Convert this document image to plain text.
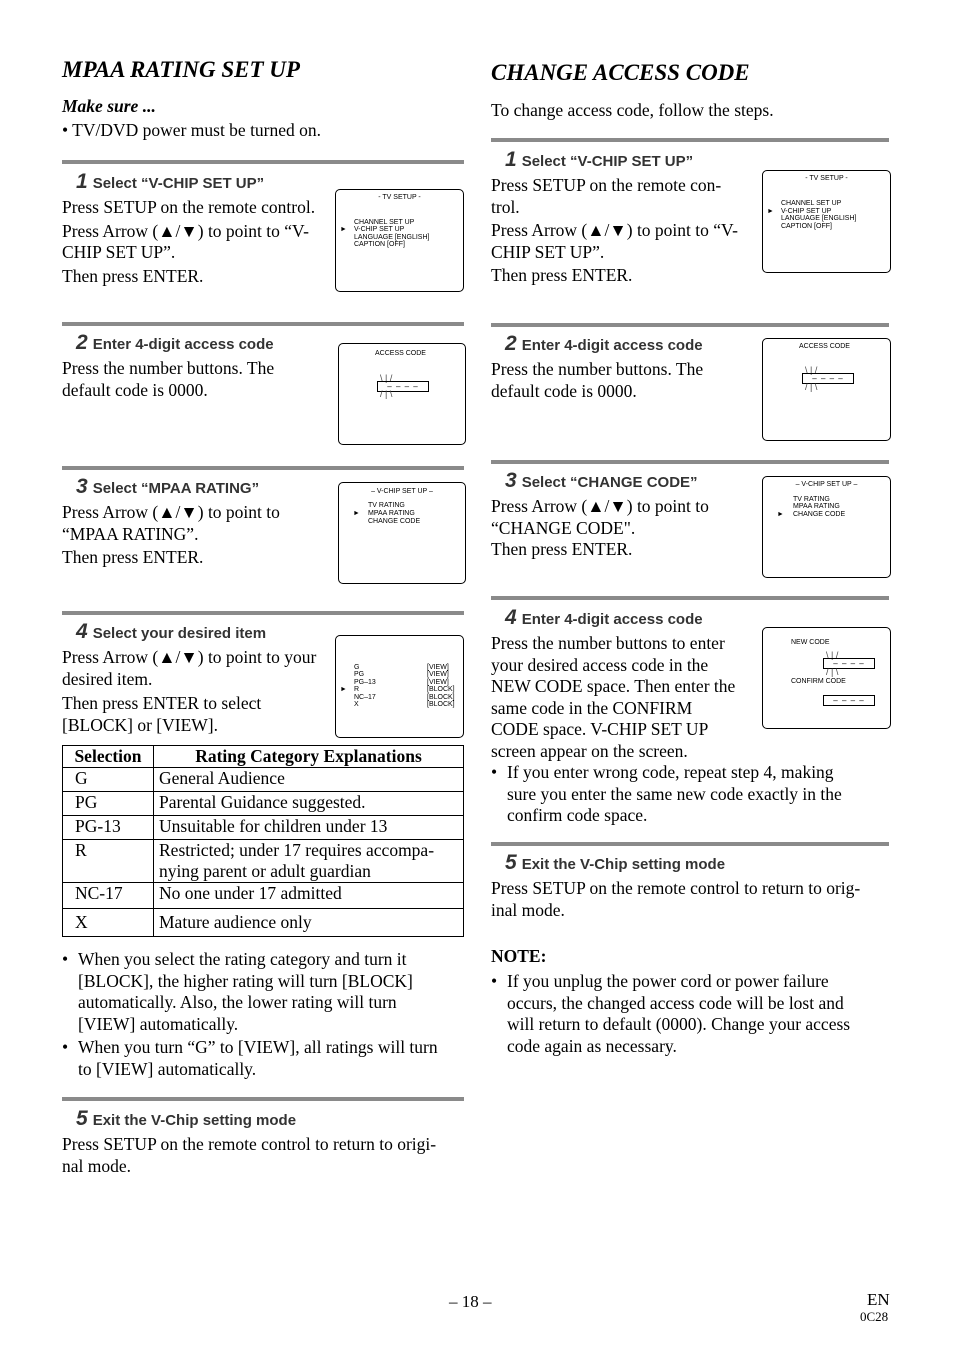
MPAA RATING SET UP
Make sure ...
• TV/DVD power must be turned on.
1 Select “V-CHIP SET UP”
Press SETUP on the remote control.
Press Arrow (▲/▼) to point to “V-
CHIP SET UP”.
Then press ENTER.
- TV SETUP -
►
CHANNEL SET UP
V-CHIP SET UP
LANGUAGE [ENGLISH]
CAPTION [OFF]
2 Enter 4-digit access code
Press the number buttons. The
default code is 0000.
ACCESS CODE
\ | /
– – – –
/ | \
3 Select “MPAA RATING”
Press Arrow (▲/▼) to point to
“MPAA RATING”.
Then press ENTER.
– V-CHIP SET UP –
TV RATING
► MPAA RATING
CHANGE CODE
4 Select your desired item
Press Arrow (▲/▼) to point to your
desired item.
Then press ENTER to select
[BLOCK] or [VIEW].
G
PG
PG–13
► R
NC–17
X
[VIEW]
[VIEW]
[VIEW]
[BLOCK]
[BLOCK]
[BLOCK]
Selection	Rating Category Explanations
G	General Audience
PG	Parental Guidance suggested.
PG-13	Unsuitable for children under 13
R	Restricted; under 17 requires accompa-
nying parent or adult guardian

NC-17	No one under 17 admitted
X	Mature audience only
• When you select the rating category and turn it
[BLOCK], the higher rating will turn [BLOCK]
automatically. Also, the lower rating will turn
[VIEW] automatically.
• When you turn “G” to [VIEW], all ratings will turn
to [VIEW] automatically.
5 Exit the V-Chip setting mode
Press SETUP on the remote control to return to origi-
nal mode.
CHANGE ACCESS CODE
To change access code, follow the steps.
1 Select “V-CHIP SET UP”
Press SETUP on the remote con-
trol.
Press Arrow (▲/▼) to point to “V-
CHIP SET UP”.
Then press ENTER.
- TV SETUP -
►
CHANNEL SET UP
V-CHIP SET UP
LANGUAGE [ENGLISH]
CAPTION [OFF]
2 Enter 4-digit access code
Press the number buttons. The
default code is 0000.
ACCESS CODE
\ | /
– – – –
/ | \
3 Select “CHANGE CODE”
Press Arrow (▲/▼) to point to
“CHANGE CODE".
Then press ENTER.
– V-CHIP SET UP –
TV RATING
MPAA RATING
► CHANGE CODE
4 Enter 4-digit access code
Press the number buttons to enter
your desired access code in the
NEW CODE space. Then enter the
same code in the CONFIRM
CODE space. V-CHIP SET UP
screen appear on the screen.
NEW CODE
\ | /
– – – –
/ | \
CONFIRM CODE
– – – –
• If you enter wrong code, repeat step 4, making
sure you enter the same new code exactly in the
confirm code space.
5 Exit the V-Chip setting mode
Press SETUP on the remote control to return to orig-
inal mode.
NOTE:
• If you unplug the power cord or power failure
occurs, the changed access code will be lost and
will return to default (0000). Change your access
code again as necessary.
– 18 –	EN
0C28
